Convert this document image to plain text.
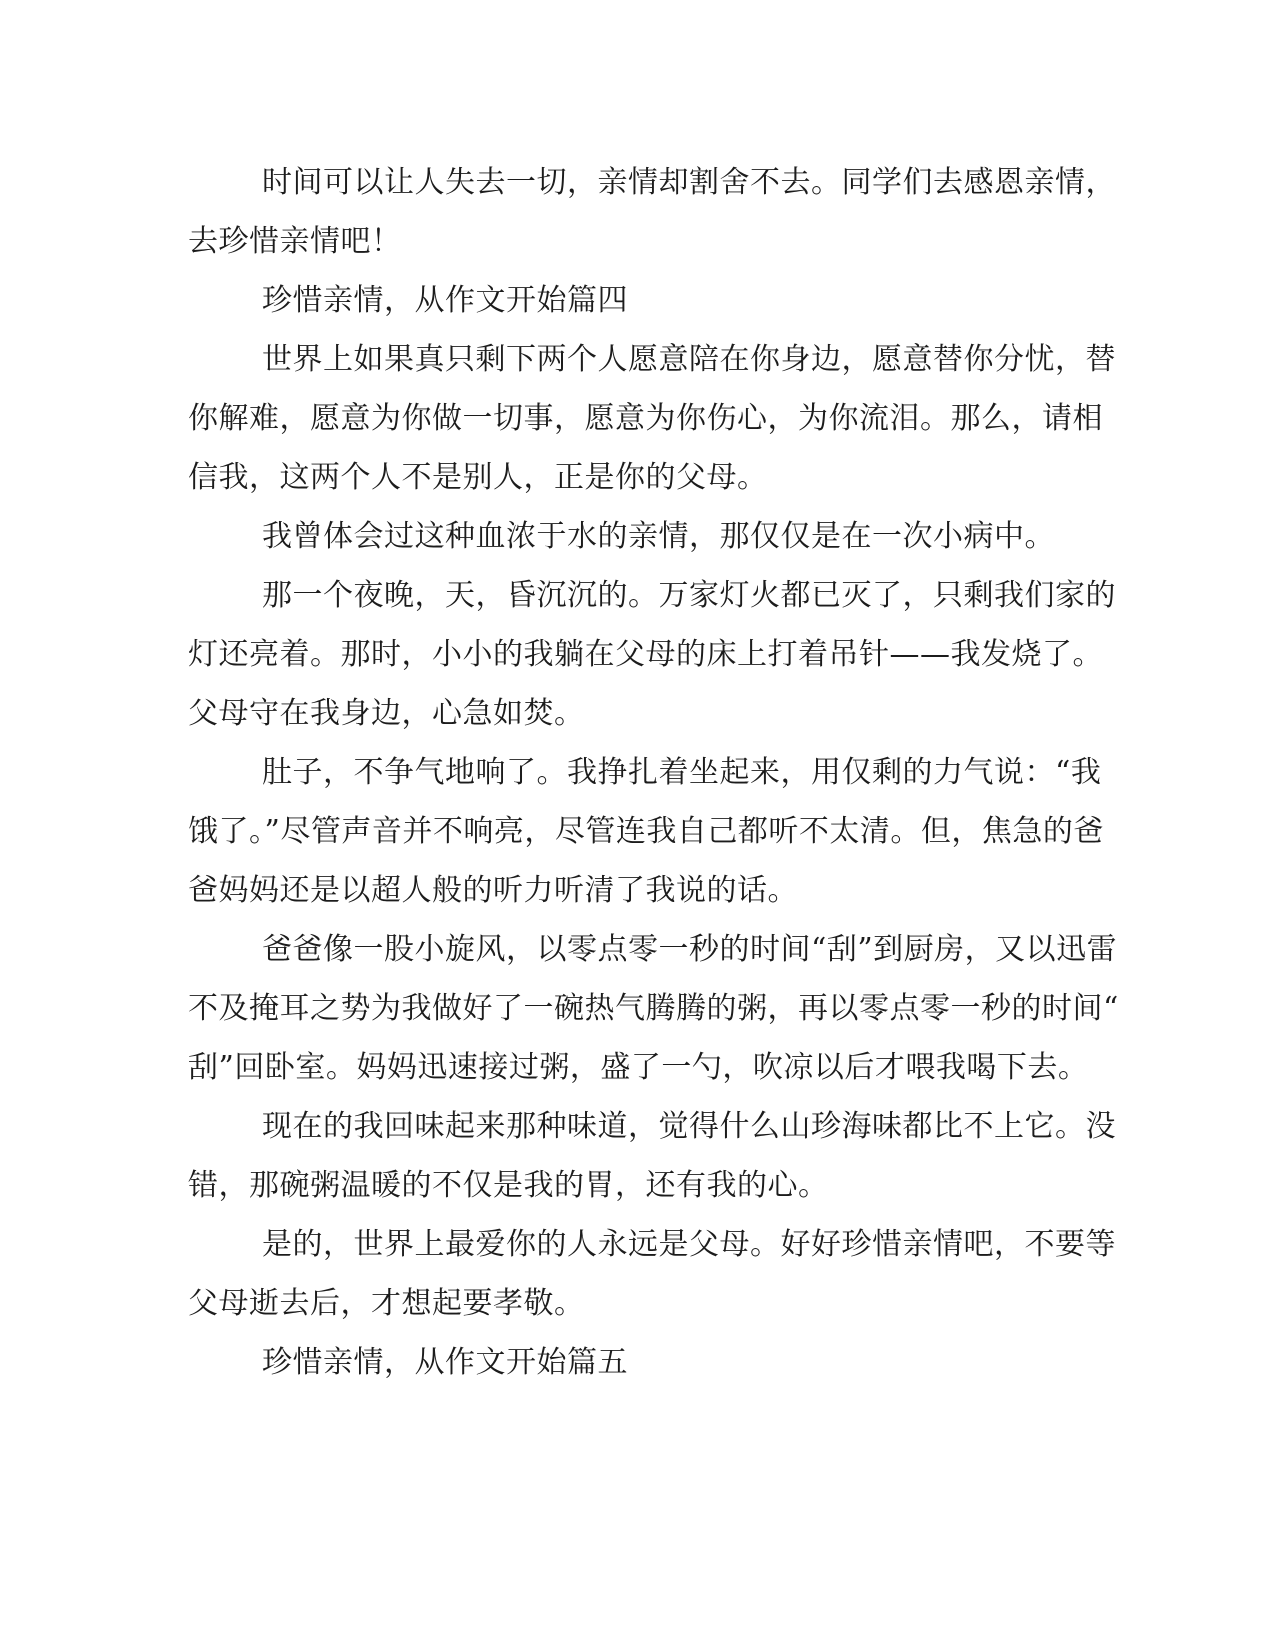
时间可以让人失去一切，亲情却割舍不去。同学们去感恩亲情，
去珍惜亲情吧！
珍惜亲情，从作文开始篇四
世界上如果真只剩下两个人愿意陪在你身边，愿意替你分忧，替
你解难，愿意为你做一切事，愿意为你伤心，为你流泪。那么，请相
信我，这两个人不是别人，正是你的父母。
我曾体会过这种血浓于水的亲情，那仅仅是在一次小病中。
那一个夜晚，天，昏沉沉的。万家灯火都已灭了，只剩我们家的
灯还亮着。那时，小小的我躺在父母的床上打着吊针——我发烧了。
父母守在我身边，心急如焚。
肚子，不争气地响了。我挣扎着坐起来，用仅剩的力气说：“我
饿了。”尽管声音并不响亮，尽管连我自己都听不太清。但，焦急的爸
爸妈妈还是以超人般的听力听清了我说的话。
爸爸像一股小旋风，以零点零一秒的时间“刮”到厨房，又以迅雷
不及掩耳之势为我做好了一碗热气腾腾的粥，再以零点零一秒的时间“
刮”回卧室。妈妈迅速接过粥，盛了一勺，吹凉以后才喂我喝下去。
现在的我回味起来那种味道，觉得什么山珍海味都比不上它。没
错，那碗粥温暖的不仅是我的胃，还有我的心。
是的，世界上最爱你的人永远是父母。好好珍惜亲情吧，不要等
父母逝去后，才想起要孝敬。
珍惜亲情，从作文开始篇五
